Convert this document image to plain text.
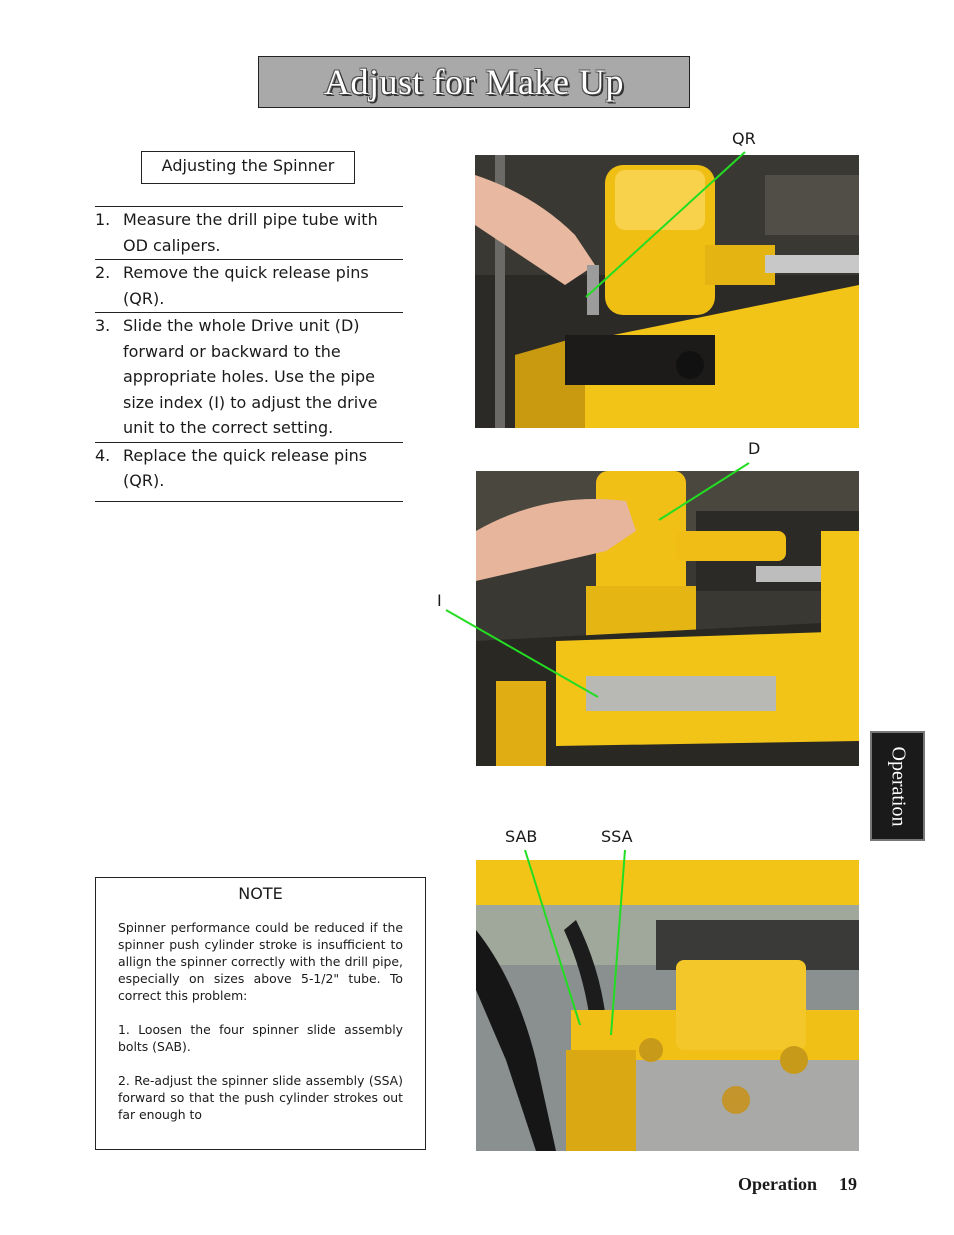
Adjust for Make Up
Adjusting the Spinner
1. Measure the drill pipe tube with OD calipers.
2. Remove the quick release pins (QR).
3. Slide the whole Drive unit (D) forward or backward to the appropriate holes. Use the pipe size index (I) to adjust the drive unit to the correct setting.
4. Replace the quick release pins (QR).
NOTE

Spinner performance could be reduced if the spinner push cylinder stroke is insufficient to allign the spinner correctly with the drill pipe, especially on sizes above 5-1/2" tube. To correct this problem:

1. Loosen the four spinner slide assembly bolts (SAB).

2. Re-adjust the spinner slide assembly (SSA) forward so that the push cylinder strokes out far enough to

QR
D
I
SAB	SSA
Operation
Operation 19
